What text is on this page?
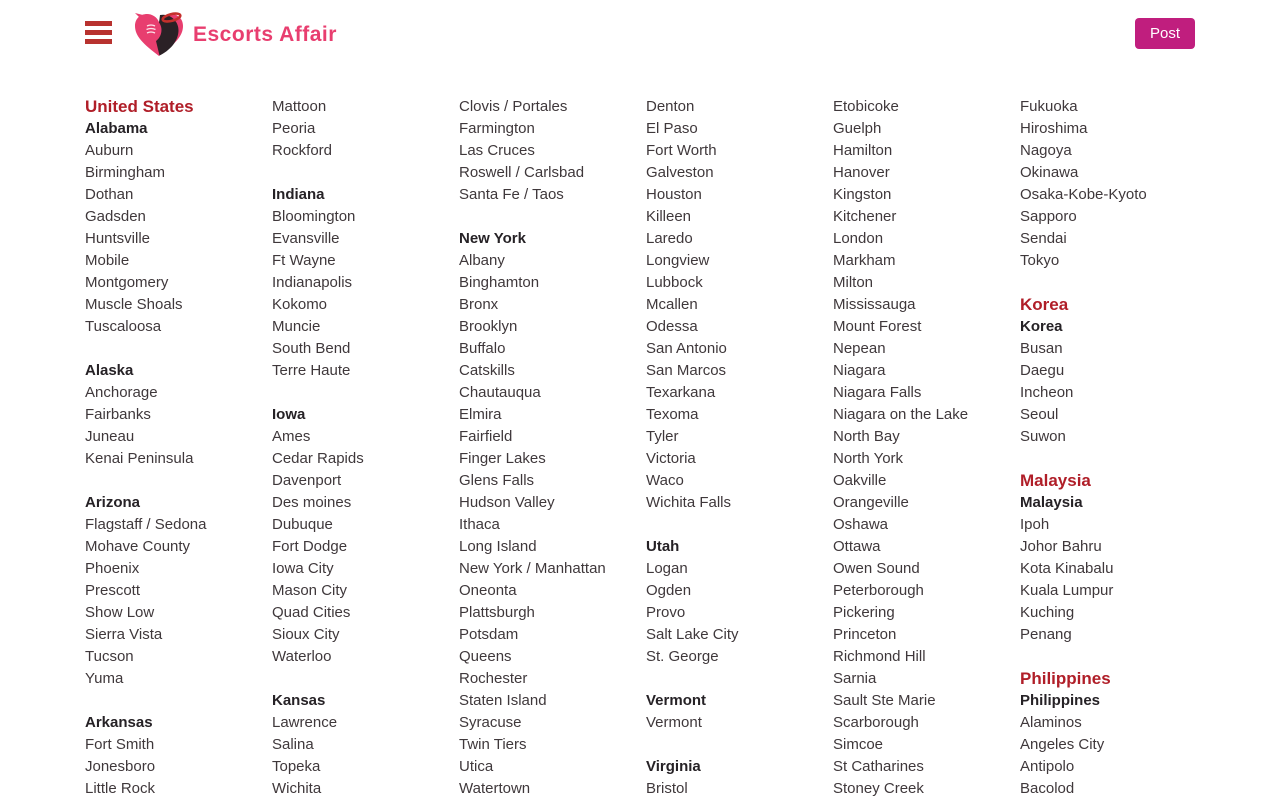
Escorts Affair	Post
United States
Alabama
Auburn
Birmingham
Dothan
Gadsden
Huntsville
Mobile
Montgomery
Muscle Shoals
Tuscaloosa
Alaska
Anchorage
Fairbanks
Juneau
Kenai Peninsula
Arizona
Flagstaff / Sedona
Mohave County
Phoenix
Prescott
Show Low
Sierra Vista
Tucson
Yuma
Arkansas
Fort Smith
Jonesboro
Little Rock
Mattoon
Peoria
Rockford
Indiana
Bloomington
Evansville
Ft Wayne
Indianapolis
Kokomo
Muncie
South Bend
Terre Haute
Iowa
Ames
Cedar Rapids
Davenport
Des moines
Dubuque
Fort Dodge
Iowa City
Mason City
Quad Cities
Sioux City
Waterloo
Kansas
Lawrence
Salina
Topeka
Wichita
Clovis / Portales
Farmington
Las Cruces
Roswell / Carlsbad
Santa Fe / Taos
New York
Albany
Binghamton
Bronx
Brooklyn
Buffalo
Catskills
Chautauqua
Elmira
Fairfield
Finger Lakes
Glens Falls
Hudson Valley
Ithaca
Long Island
New York / Manhattan
Oneonta
Plattsburgh
Potsdam
Queens
Rochester
Staten Island
Syracuse
Twin Tiers
Utica
Watertown
Denton
El Paso
Fort Worth
Galveston
Houston
Killeen
Laredo
Longview
Lubbock
Mcallen
Odessa
San Antonio
San Marcos
Texarkana
Texoma
Tyler
Victoria
Waco
Wichita Falls
Utah
Logan
Ogden
Provo
Salt Lake City
St. George
Vermont
Vermont
Virginia
Bristol
Etobicoke
Guelph
Hamilton
Hanover
Kingston
Kitchener
London
Markham
Milton
Mississauga
Mount Forest
Nepean
Niagara
Niagara Falls
Niagara on the Lake
North Bay
North York
Oakville
Orangeville
Oshawa
Ottawa
Owen Sound
Peterborough
Pickering
Princeton
Richmond Hill
Sarnia
Sault Ste Marie
Scarborough
Simcoe
St Catharines
Stoney Creek
Fukuoka
Hiroshima
Nagoya
Okinawa
Osaka-Kobe-Kyoto
Sapporo
Sendai
Tokyo
Korea
Korea
Busan
Daegu
Incheon
Seoul
Suwon
Malaysia
Malaysia
Ipoh
Johor Bahru
Kota Kinabalu
Kuala Lumpur
Kuching
Penang
Philippines
Philippines
Alaminos
Angeles City
Antipolo
Bacolod
